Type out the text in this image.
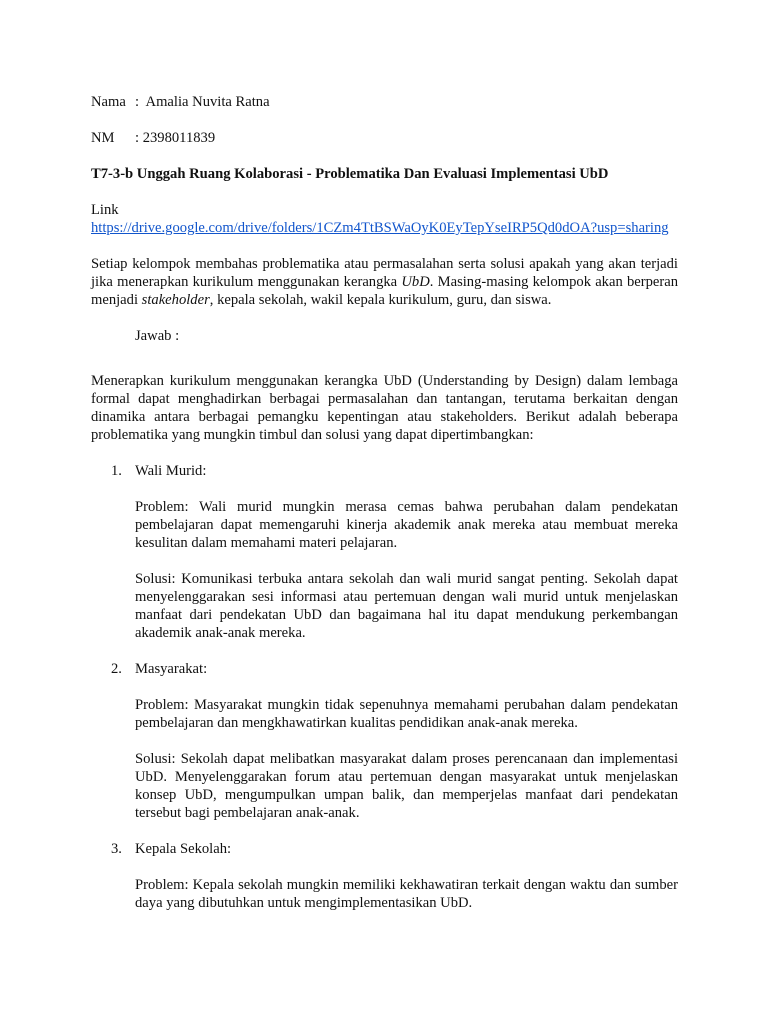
Nama :  Amalia Nuvita Ratna
NM	: 2398011839

T7-3-b Unggah Ruang Kolaborasi - Problematika Dan Evaluasi Implementasi UbD

Link

https://drive.google.com/drive/folders/1CZm4TtBSWaOyK0EyTepYseIRP5Qd0dOA?usp=sharing

Setiap kelompok membahas problematika atau permasalahan serta solusi apakah yang akan terjadi jika menerapkan kurikulum menggunakan kerangka UbD. Masing-masing kelompok akan berperan menjadi stakeholder, kepala sekolah, wakil kepala kurikulum, guru, dan siswa.

Jawab :

Menerapkan kurikulum menggunakan kerangka UbD (Understanding by Design) dalam lembaga formal dapat menghadirkan berbagai permasalahan dan tantangan, terutama berkaitan dengan dinamika antara berbagai pemangku kepentingan atau stakeholders. Berikut adalah beberapa problematika yang mungkin timbul dan solusi yang dapat dipertimbangkan:

1. Wali Murid:

Problem: Wali murid mungkin merasa cemas bahwa perubahan dalam pendekatan pembelajaran dapat memengaruhi kinerja akademik anak mereka atau membuat mereka kesulitan dalam memahami materi pelajaran.

Solusi: Komunikasi terbuka antara sekolah dan wali murid sangat penting. Sekolah dapat menyelenggarakan sesi informasi atau pertemuan dengan wali murid untuk menjelaskan manfaat dari pendekatan UbD dan bagaimana hal itu dapat mendukung perkembangan akademik anak-anak mereka.

2. Masyarakat:

Problem: Masyarakat mungkin tidak sepenuhnya memahami perubahan dalam pendekatan pembelajaran dan mengkhawatirkan kualitas pendidikan anak-anak mereka.

Solusi: Sekolah dapat melibatkan masyarakat dalam proses perencanaan dan implementasi UbD. Menyelenggarakan forum atau pertemuan dengan masyarakat untuk menjelaskan konsep UbD, mengumpulkan umpan balik, dan memperjelas manfaat dari pendekatan tersebut bagi pembelajaran anak-anak.

3. Kepala Sekolah:

Problem: Kepala sekolah mungkin memiliki kekhawatiran terkait dengan waktu dan sumber daya yang dibutuhkan untuk mengimplementasikan UbD.
